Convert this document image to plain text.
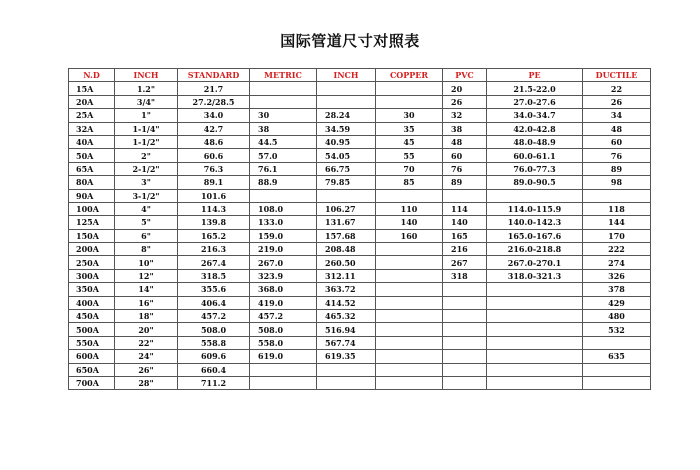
国际管道尺寸对照表
N.D	INCH	STANDARD	METRIC	INCH	COPPER	PVC	PE	DUCTILE
15A	1.2"	21.7				20	21.5-22.0	22
20A	3/4"	27.2/28.5				26	27.0-27.6	26
25A	1"	34.0	30	28.24	30	32	34.0-34.7	34
32A	1-1/4"	42.7	38	34.59	35	38	42.0-42.8	48
40A	1-1/2"	48.6	44.5	40.95	45	48	48.0-48.9	60
50A	2"	60.6	57.0	54.05	55	60	60.0-61.1	76
65A	2-1/2"	76.3	76.1	66.75	70	76	76.0-77.3	89
80A	3"	89.1	88.9	79.85	85	89	89.0-90.5	98
90A	3-1/2"	101.6						
100A	4"	114.3	108.0	106.27	110	114	114.0-115.9	118
125A	5"	139.8	133.0	131.67	140	140	140.0-142.3	144
150A	6"	165.2	159.0	157.68	160	165	165.0-167.6	170
200A	8"	216.3	219.0	208.48		216	216.0-218.8	222
250A	10"	267.4	267.0	260.50		267	267.0-270.1	274
300A	12"	318.5	323.9	312.11		318	318.0-321.3	326
350A	14"	355.6	368.0	363.72				378
400A	16"	406.4	419.0	414.52				429
450A	18"	457.2	457.2	465.32				480
500A	20"	508.0	508.0	516.94				532
550A	22"	558.8	558.0	567.74				
600A	24"	609.6	619.0	619.35				635
650A	26"	660.4						
700A	28"	711.2						
